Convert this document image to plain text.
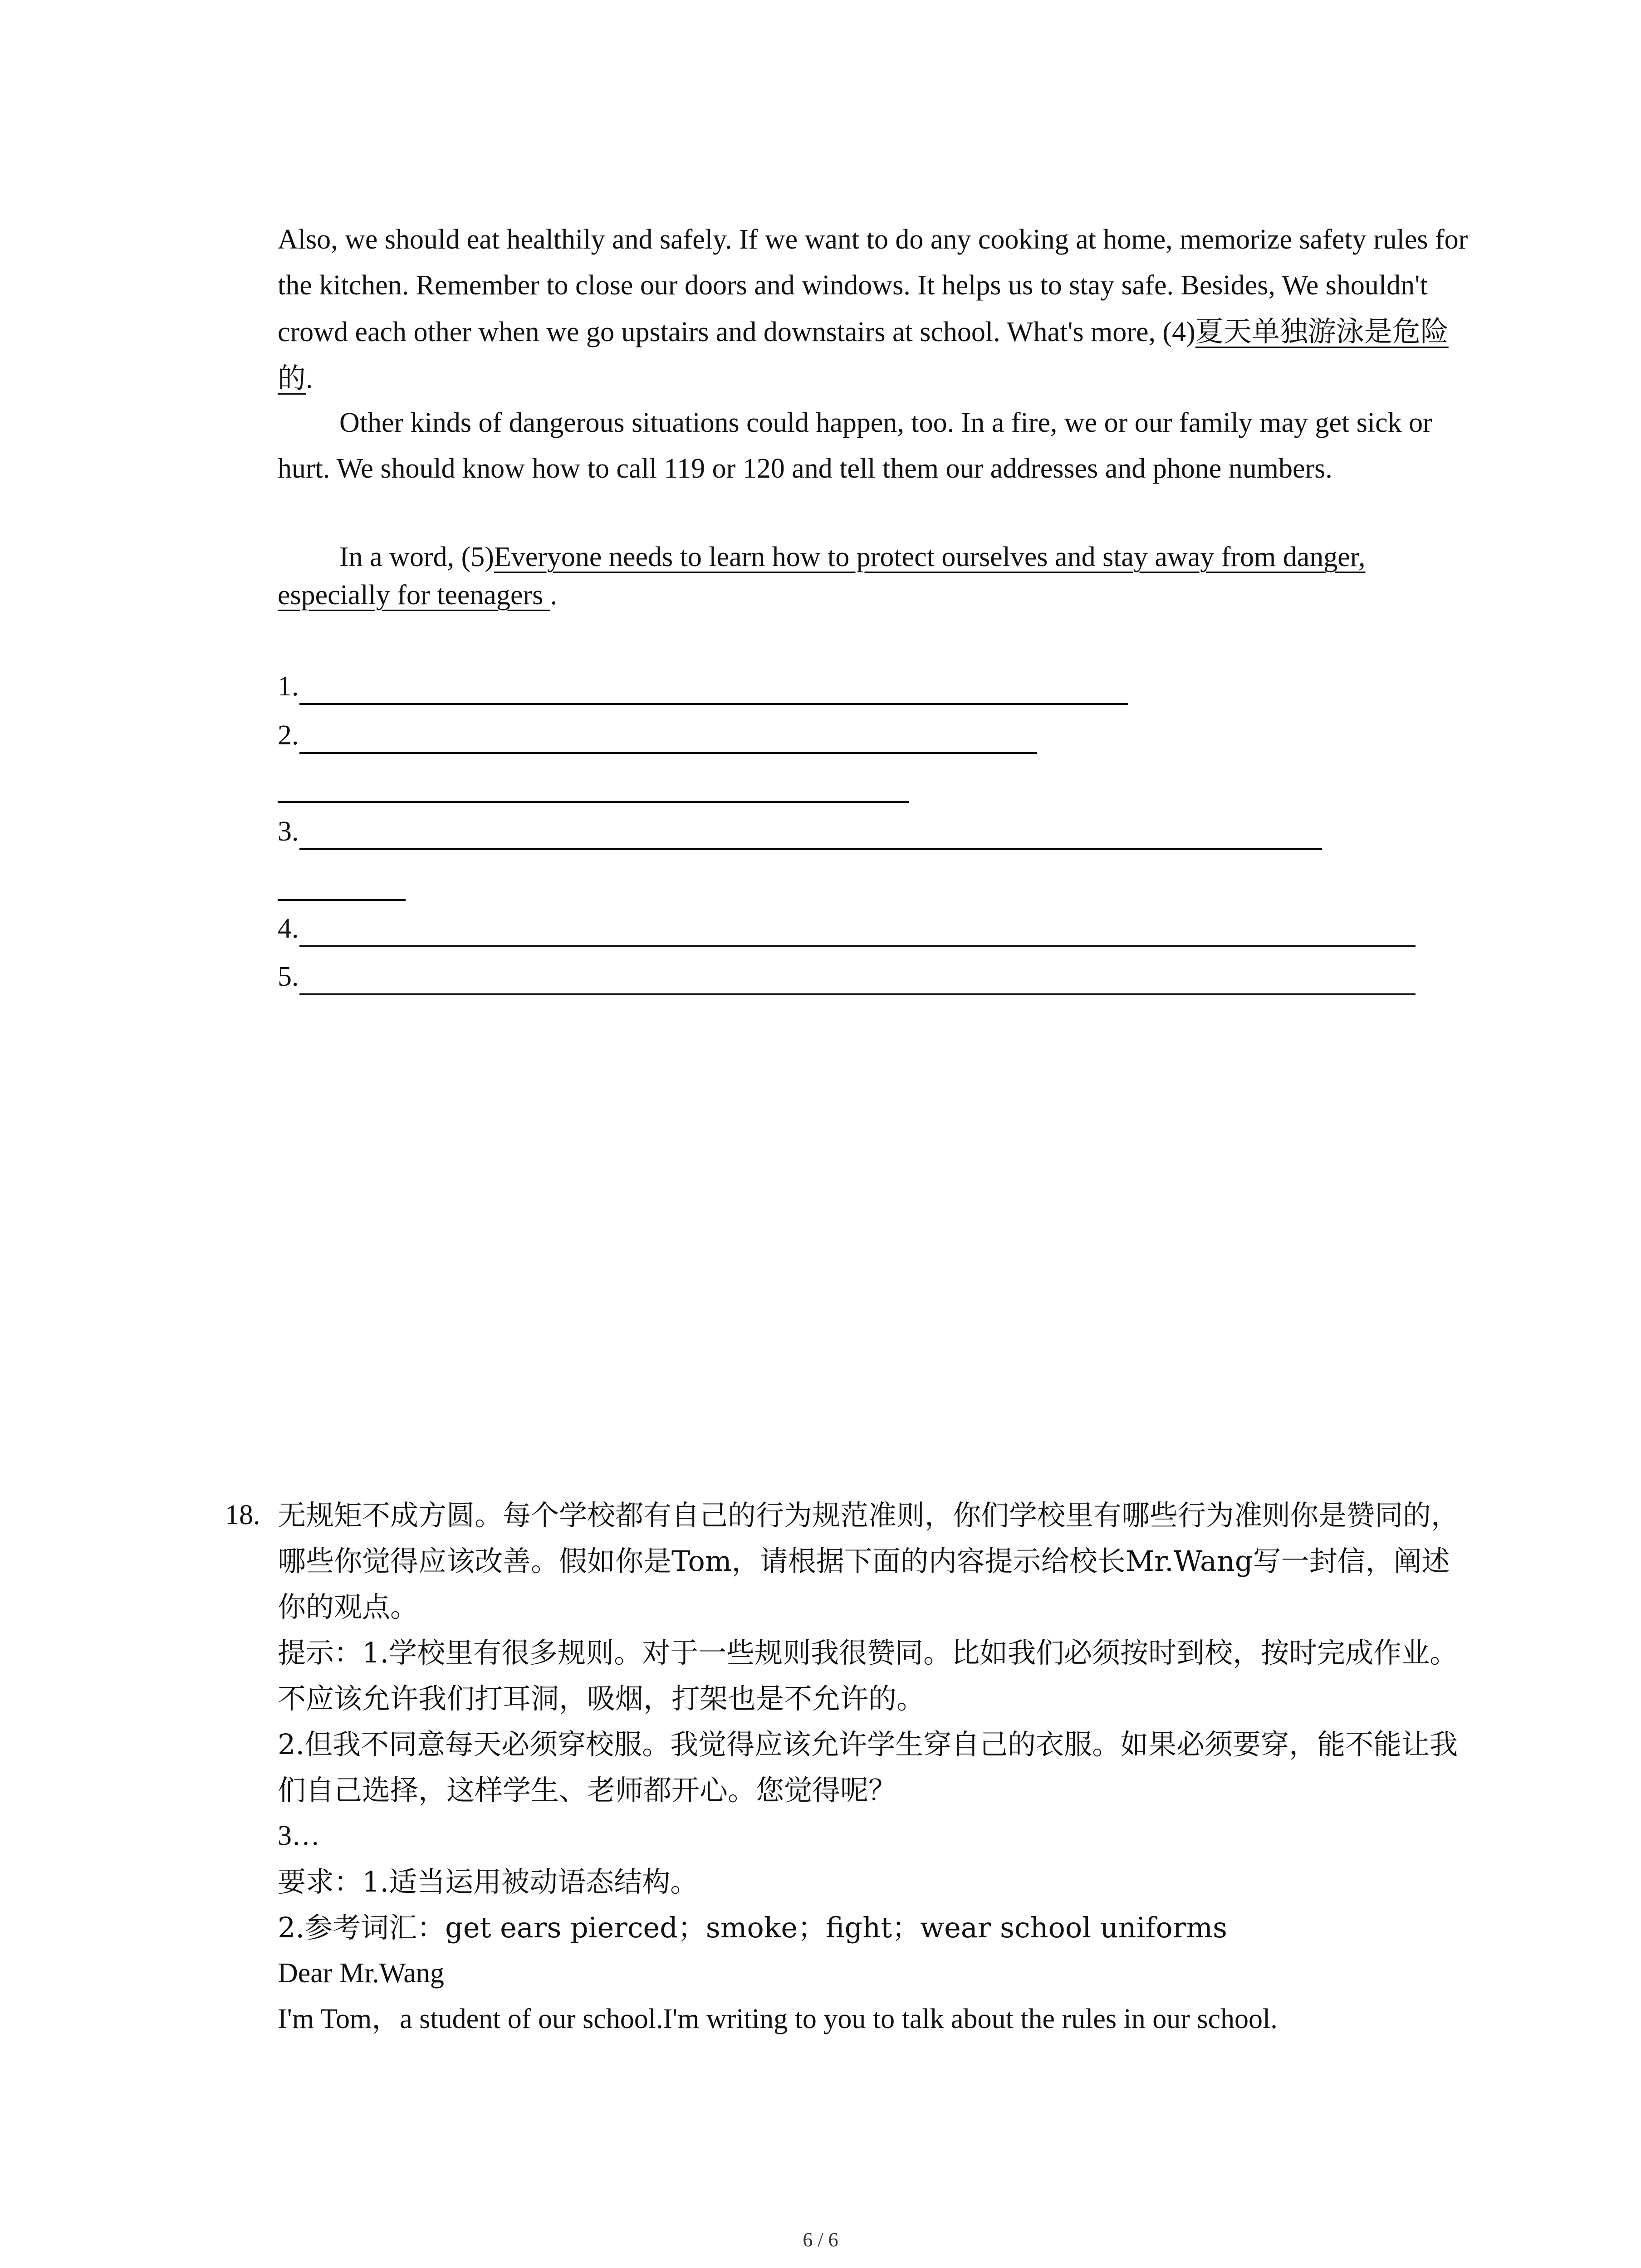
Also, we should eat healthily and safely. If we want to do any cooking at home, memorize safety rules for the kitchen. Remember to close our doors and windows. It helps us to stay safe. Besides, We shouldn't crowd each other when we go upstairs and downstairs at school. What's more, (4)夏天单独游泳是危险的.
Other kinds of dangerous situations could happen, too. In a fire, we or our family may get sick or hurt. We should know how to call 119 or 120 and tell them our addresses and phone numbers.
In a word, (5)Everyone needs to learn how to protect ourselves and stay away from danger, especially for teenagers .
1.
2.
3.
4.
5.
18. 无规矩不成方圆。每个学校都有自己的行为规范准则，你们学校里有哪些行为准则你是赞同的，哪些你觉得应该改善。假如你是Tom，请根据下面的内容提示给校长Mr.Wang写一封信，阐述你的观点。
提示：1.学校里有很多规则。对于一些规则我很赞同。比如我们必须按时到校，按时完成作业。不应该允许我们打耳洞，吸烟，打架也是不允许的。
2.但我不同意每天必须穿校服。我觉得应该允许学生穿自己的衣服。如果必须要穿，能不能让我们自己选择，这样学生、老师都开心。您觉得呢？
3…
要求：1.适当运用被动语态结构。
2.参考词汇：get ears pierced；smoke；fight；wear school uniforms
Dear Mr.Wang
I'm Tom，a student of our school.I'm writing to you to talk about the rules in our school.
6 / 6
